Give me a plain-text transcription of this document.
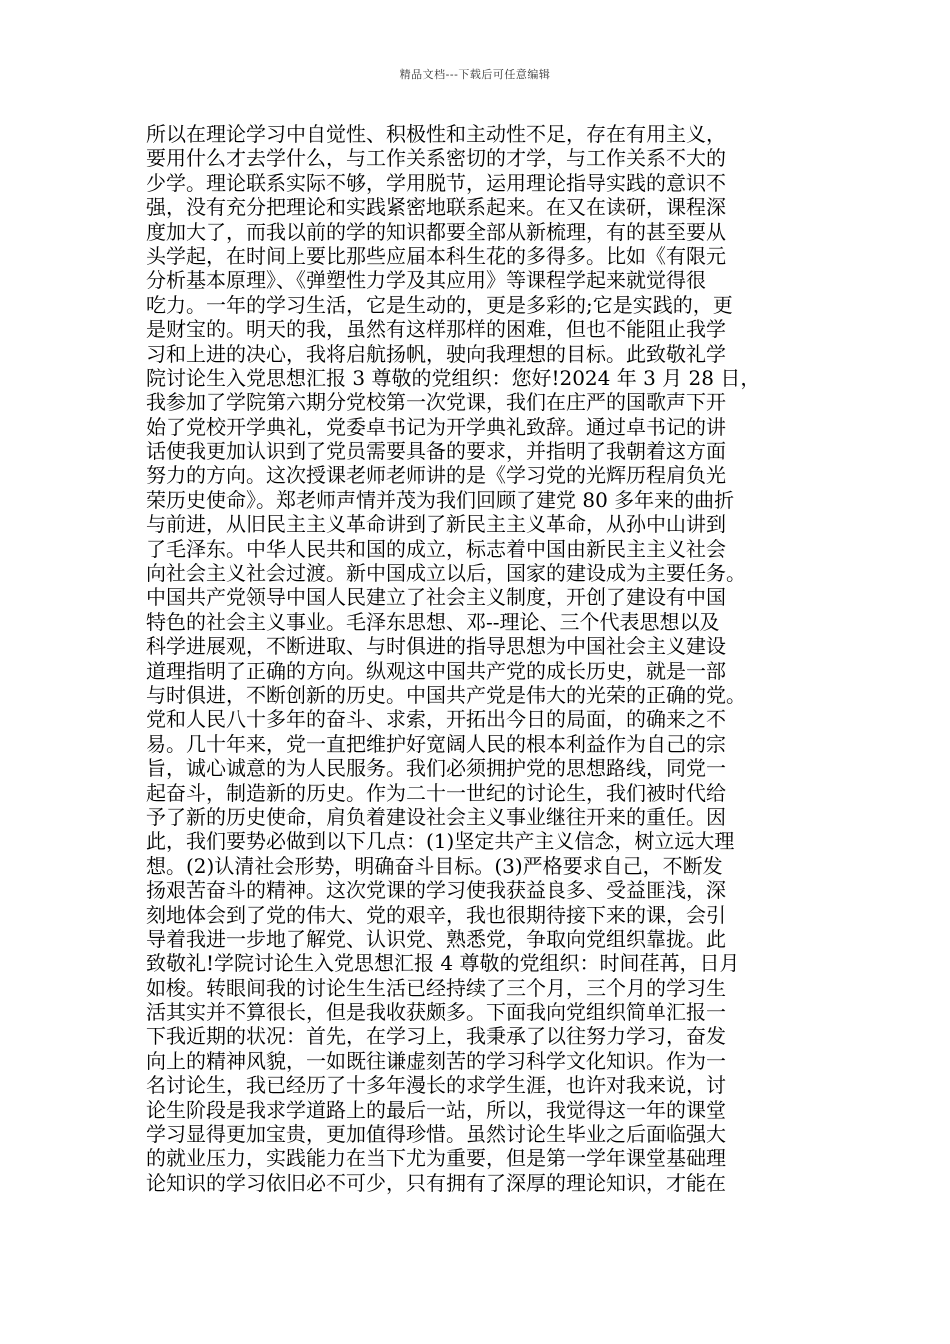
精品文档---下载后可任意编辑
所以在理论学习中自觉性、积极性和主动性不足，存在有用主义，
要用什么才去学什么，与工作关系密切的才学，与工作关系不大的
少学。理论联系实际不够，学用脱节，运用理论指导实践的意识不
强，没有充分把理论和实践紧密地联系起来。在又在读研，课程深
度加大了，而我以前的学的知识都要全部从新梳理，有的甚至要从
头学起，在时间上要比那些应届本科生花的多得多。比如《有限元
分析基本原理》、《弹塑性力学及其应用》等课程学起来就觉得很
吃力。一年的学习生活，它是生动的，更是多彩的;它是实践的，更
是财宝的。明天的我，虽然有这样那样的困难，但也不能阻止我学
习和上进的决心，我将启航扬帆，驶向我理想的目标。此致敬礼学
院讨论生入党思想汇报 3 尊敬的党组织：您好!2024 年 3 月 28 日，
我参加了学院第六期分党校第一次党课，我们在庄严的国歌声下开
始了党校开学典礼，党委卓书记为开学典礼致辞。通过卓书记的讲
话使我更加认识到了党员需要具备的要求，并指明了我朝着这方面
努力的方向。这次授课老师老师讲的是《学习党的光辉历程肩负光
荣历史使命》。郑老师声情并茂为我们回顾了建党 80 多年来的曲折
与前进，从旧民主主义革命讲到了新民主主义革命，从孙中山讲到
了毛泽东。中华人民共和国的成立，标志着中国由新民主主义社会
向社会主义社会过渡。新中国成立以后，国家的建设成为主要任务。
中国共产党领导中国人民建立了社会主义制度，开创了建设有中国
特色的社会主义事业。毛泽东思想、邓--理论、三个代表思想以及
科学进展观，不断进取、与时俱进的指导思想为中国社会主义建设
道理指明了正确的方向。纵观这中国共产党的成长历史，就是一部
与时俱进，不断创新的历史。中国共产党是伟大的光荣的正确的党。
党和人民八十多年的奋斗、求索，开拓出今日的局面，的确来之不
易。几十年来，党一直把维护好宽阔人民的根本利益作为自己的宗
旨，诚心诚意的为人民服务。我们必须拥护党的思想路线，同党一
起奋斗，制造新的历史。作为二十一世纪的讨论生，我们被时代给
予了新的历史使命，肩负着建设社会主义事业继往开来的重任。因
此，我们要势必做到以下几点：(1)坚定共产主义信念，树立远大理
想。(2)认清社会形势，明确奋斗目标。(3)严格要求自己，不断发
扬艰苦奋斗的精神。这次党课的学习使我获益良多、受益匪浅，深
刻地体会到了党的伟大、党的艰辛，我也很期待接下来的课，会引
导着我进一步地了解党、认识党、熟悉党，争取向党组织靠拢。此
致敬礼!学院讨论生入党思想汇报 4 尊敬的党组织：时间荏苒，日月
如梭。转眼间我的讨论生生活已经持续了三个月，三个月的学习生
活其实并不算很长，但是我收获颇多。下面我向党组织简单汇报一
下我近期的状况：首先，在学习上，我秉承了以往努力学习，奋发
向上的精神风貌，一如既往谦虚刻苦的学习科学文化知识。作为一
名讨论生，我已经历了十多年漫长的求学生涯，也许对我来说，讨
论生阶段是我求学道路上的最后一站，所以，我觉得这一年的课堂
学习显得更加宝贵，更加值得珍惜。虽然讨论生毕业之后面临强大
的就业压力，实践能力在当下尤为重要，但是第一学年课堂基础理
论知识的学习依旧必不可少，只有拥有了深厚的理论知识，才能在
